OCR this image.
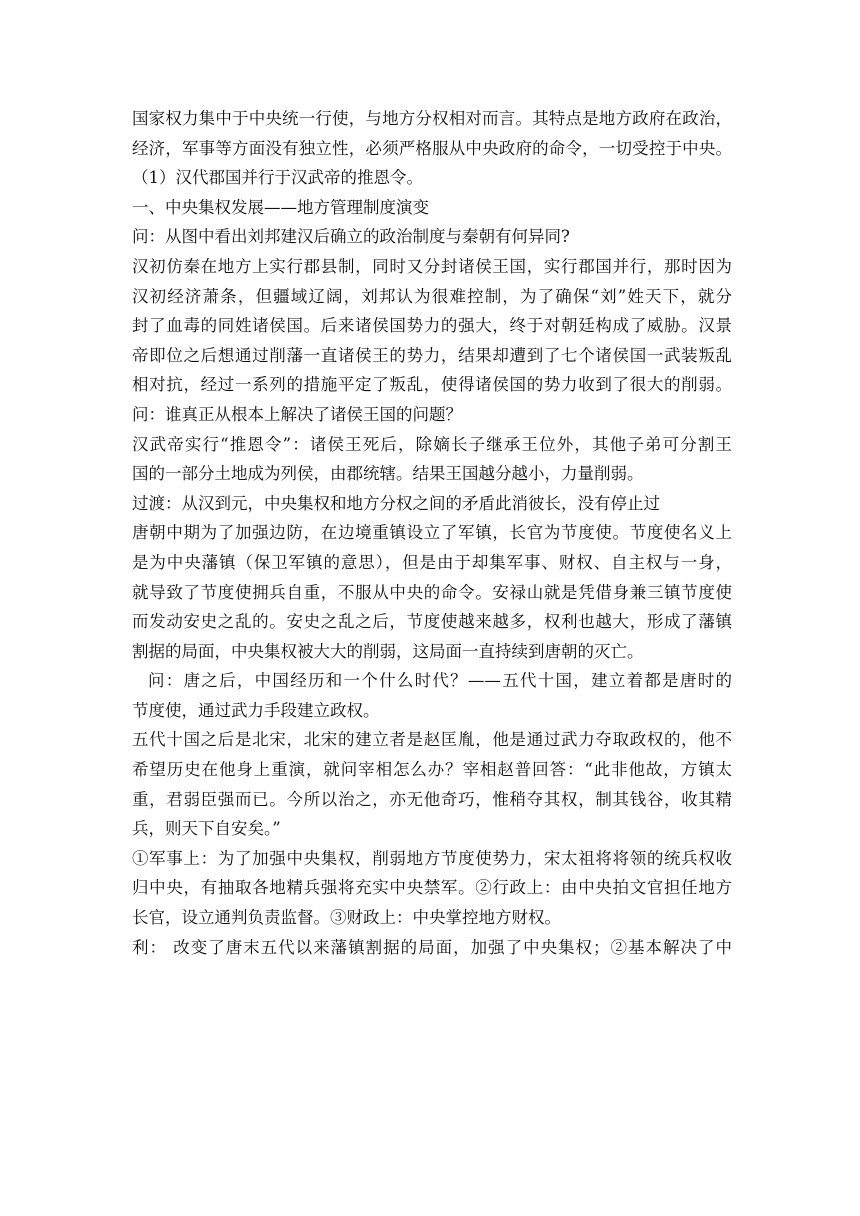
国家权力集中于中央统一行使，与地方分权相对而言。其特点是地方政府在政治，
经济，军事等方面没有独立性，必须严格服从中央政府的命令，一切受控于中央。
（1）汉代郡国并行于汉武帝的推恩令。
一、中央集权发展——地方管理制度演变
问：从图中看出刘邦建汉后确立的政治制度与秦朝有何异同?
汉初仿秦在地方上实行郡县制，同时又分封诸侯王国，实行郡国并行，那时因为
汉初经济萧条，但疆域辽阔，刘邦认为很难控制，为了确保“刘”姓天下，就分
封了血毒的同姓诸侯国。后来诸侯国势力的强大，终于对朝廷构成了威胁。汉景
帝即位之后想通过削藩一直诸侯王的势力，结果却遭到了七个诸侯国一武装叛乱
相对抗，经过一系列的措施平定了叛乱，使得诸侯国的势力收到了很大的削弱。
问：谁真正从根本上解决了诸侯王国的问题？
汉武帝实行“推恩令”：诸侯王死后，除嫡长子继承王位外，其他子弟可分割王
国的一部分土地成为列侯，由郡统辖。结果王国越分越小，力量削弱。
过渡：从汉到元，中央集权和地方分权之间的矛盾此消彼长，没有停止过
唐朝中期为了加强边防，在边境重镇设立了军镇，长官为节度使。节度使名义上
是为中央藩镇（保卫军镇的意思），但是由于却集军事、财权、自主权与一身，
就导致了节度使拥兵自重，不服从中央的命令。安禄山就是凭借身兼三镇节度使
而发动安史之乱的。安史之乱之后，节度使越来越多，权利也越大，形成了藩镇
割据的局面，中央集权被大大的削弱，这局面一直持续到唐朝的灭亡。
问：唐之后，中国经历和一个什么时代？——五代十国，建立着都是唐时的
节度使，通过武力手段建立政权。
五代十国之后是北宋，北宋的建立者是赵匡胤，他是通过武力夺取政权的，他不
希望历史在他身上重演，就问宰相怎么办？宰相赵普回答：“此非他故，方镇太
重，君弱臣强而已。今所以治之，亦无他奇巧，惟稍夺其权，制其钱谷，收其精
兵，则天下自安矣。”
①军事上：为了加强中央集权，削弱地方节度使势力，宋太祖将将领的统兵权收
归中央，有抽取各地精兵强将充实中央禁军。②行政上：由中央拍文官担任地方
长官，设立通判负责监督。③财政上：中央掌控地方财权。
利： 改变了唐末五代以来藩镇割据的局面，加强了中央集权；②基本解决了中
